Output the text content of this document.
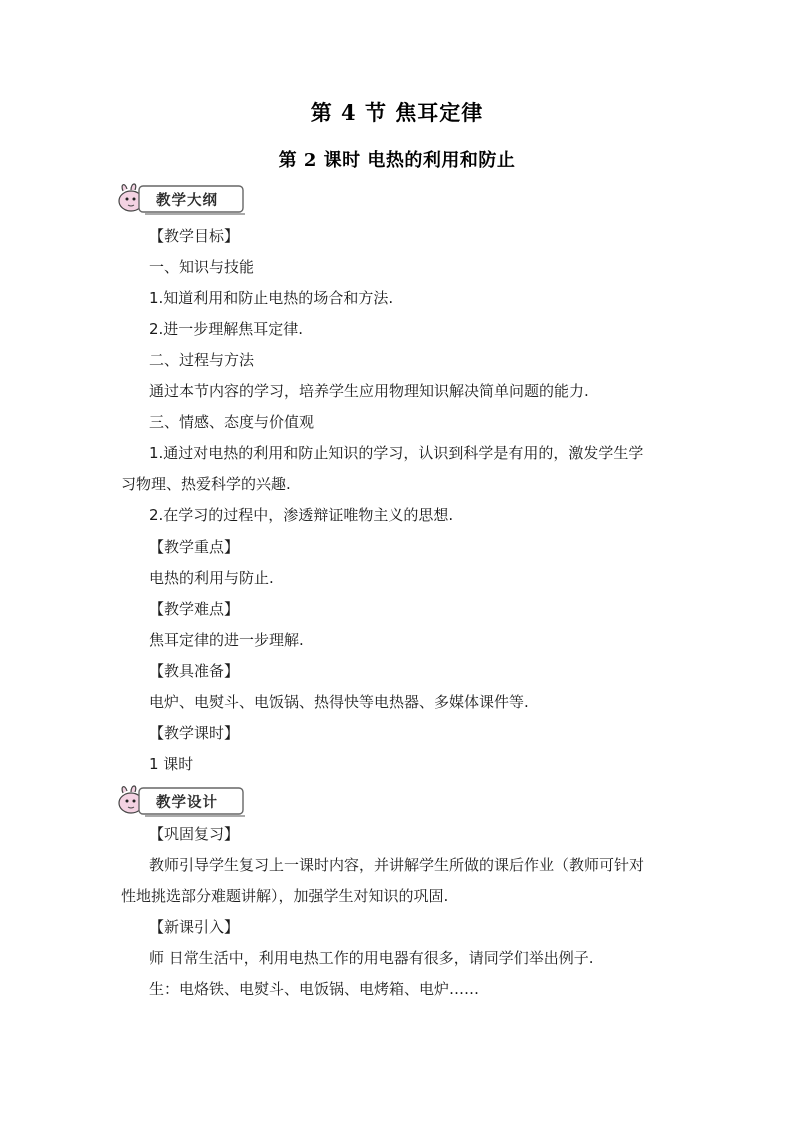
第 4 节 焦耳定律
第 2 课时 电热的利用和防止
教学大纲
【教学目标】
一、知识与技能
1.知道利用和防止电热的场合和方法.
2.进一步理解焦耳定律.
二、过程与方法
通过本节内容的学习，培养学生应用物理知识解决简单问题的能力.
三、情感、态度与价值观
1.通过对电热的利用和防止知识的学习，认识到科学是有用的，激发学生学
习物理、热爱科学的兴趣.
2.在学习的过程中，渗透辩证唯物主义的思想.
【教学重点】
电热的利用与防止.
【教学难点】
焦耳定律的进一步理解.
【教具准备】
电炉、电熨斗、电饭锅、热得快等电热器、多媒体课件等.
【教学课时】
1 课时
教学设计
【巩固复习】
教师引导学生复习上一课时内容，并讲解学生所做的课后作业（教师可针对
性地挑选部分难题讲解），加强学生对知识的巩固.
【新课引入】
师 日常生活中，利用电热工作的用电器有很多，请同学们举出例子.
生：电烙铁、电熨斗、电饭锅、电烤箱、电炉……
